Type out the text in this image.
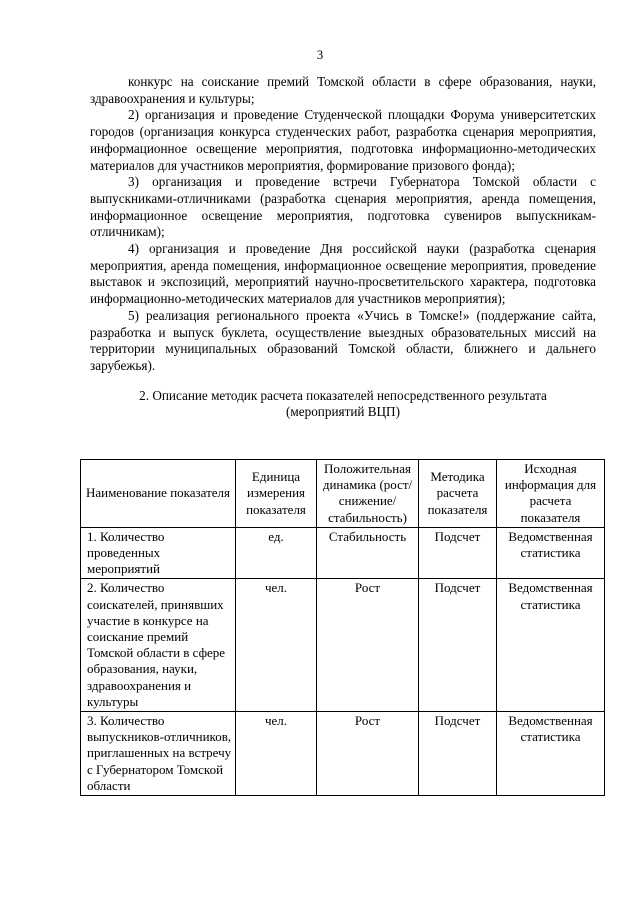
3

конкурс на соискание премий Томской области в сфере образования, науки, здравоохранения и культуры;

2) организация и проведение Студенческой площадки Форума университетских городов (организация конкурса студенческих работ, разработка сценария мероприятия, информационное освещение мероприятия, подготовка информационно-методических материалов для участников мероприятия, формирование призового фонда);

3) организация и проведение встречи Губернатора Томской области с выпускниками-отличниками (разработка сценария мероприятия, аренда помещения, информационное освещение мероприятия, подготовка сувениров выпускникам-отличникам);

4) организация и проведение Дня российской науки (разработка сценария мероприятия, аренда помещения, информационное освещение мероприятия, проведение выставок и экспозиций, мероприятий научно-просветительского характера, подготовка информационно-методических материалов для участников мероприятия);

5) реализация регионального проекта «Учись в Томске!» (поддержание сайта, разработка и выпуск буклета, осуществление выездных образовательных миссий на территории муниципальных образований Томской области, ближнего и дальнего зарубежья).

2. Описание методик расчета показателей непосредственного результата
(мероприятий ВЦП)
Наименование показателя	Единица измерения показателя	Положительная динамика (рост/снижение/ стабильность)	Методика расчета показателя	Исходная информация для расчета показателя
1. Количество проведенных мероприятий	ед.	Стабильность	Подсчет	Ведомственная статистика
2. Количество соискателей, принявших участие в конкурсе на соискание премий Томской области в сфере образования, науки, здравоохранения и культуры	чел.	Рост	Подсчет	Ведомственная статистика
3. Количество выпускников-отличников, приглашенных на встречу с Губернатором Томской области	чел.	Рост	Подсчет	Ведомственная статистика
